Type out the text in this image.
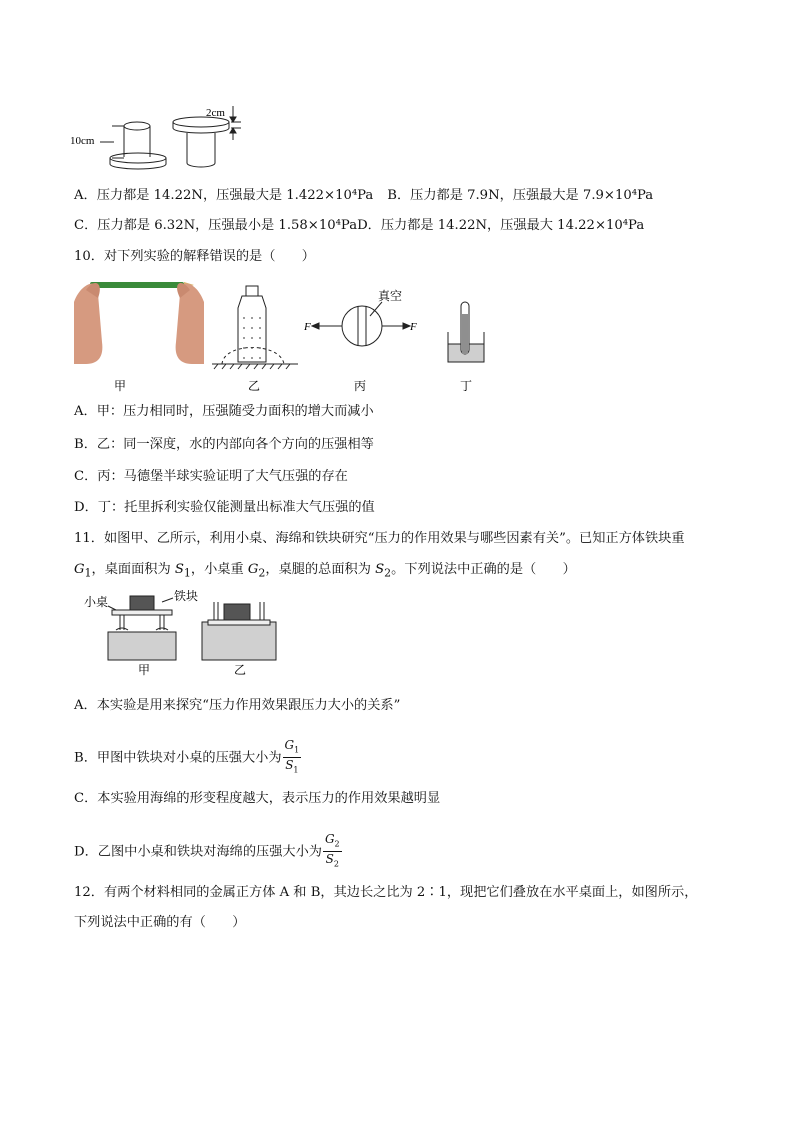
10cm
2cm
A．压力都是 14.22N，压强最大是 1.422×10⁴Pa B．压力都是 7.9N，压强最大是 7.9×10⁴Pa
C．压力都是 6.32N，压强最小是 1.58×10⁴PaD．压力都是 14.22N，压强最大 14.22×10⁴Pa
10．对下列实验的解释错误的是（　　）
甲	乙
真空
F	F
丙	丁
A．甲：压力相同时，压强随受力面积的增大而减小
B．乙：同一深度，水的内部向各个方向的压强相等
C．丙：马德堡半球实验证明了大气压强的存在
D．丁：托里拆利实验仅能测量出标准大气压强的值
11．如图甲、乙所示，利用小桌、海绵和铁块研究“压力的作用效果与哪些因素有关”。已知正方体铁块重
$G_1$，桌面面积为 $S_1$，小桌重 $G_2$，桌腿的总面积为 $S_2$。下列说法中正确的是（　　）
小桌	铁块
甲	乙
A．本实验是用来探究“压力作用效果跟压力大小的关系”
B．甲图中铁块对小桌的压强大小为 $\frac{G_1}{S_1}$
C．本实验用海绵的形变程度越大，表示压力的作用效果越明显
D．乙图中小桌和铁块对海绵的压强大小为 $\frac{G_2}{S_2}$
12．有两个材料相同的金属正方体 A 和 B，其边长之比为 2∶1，现把它们叠放在水平桌面上，如图所示，
下列说法中正确的有（　　）
